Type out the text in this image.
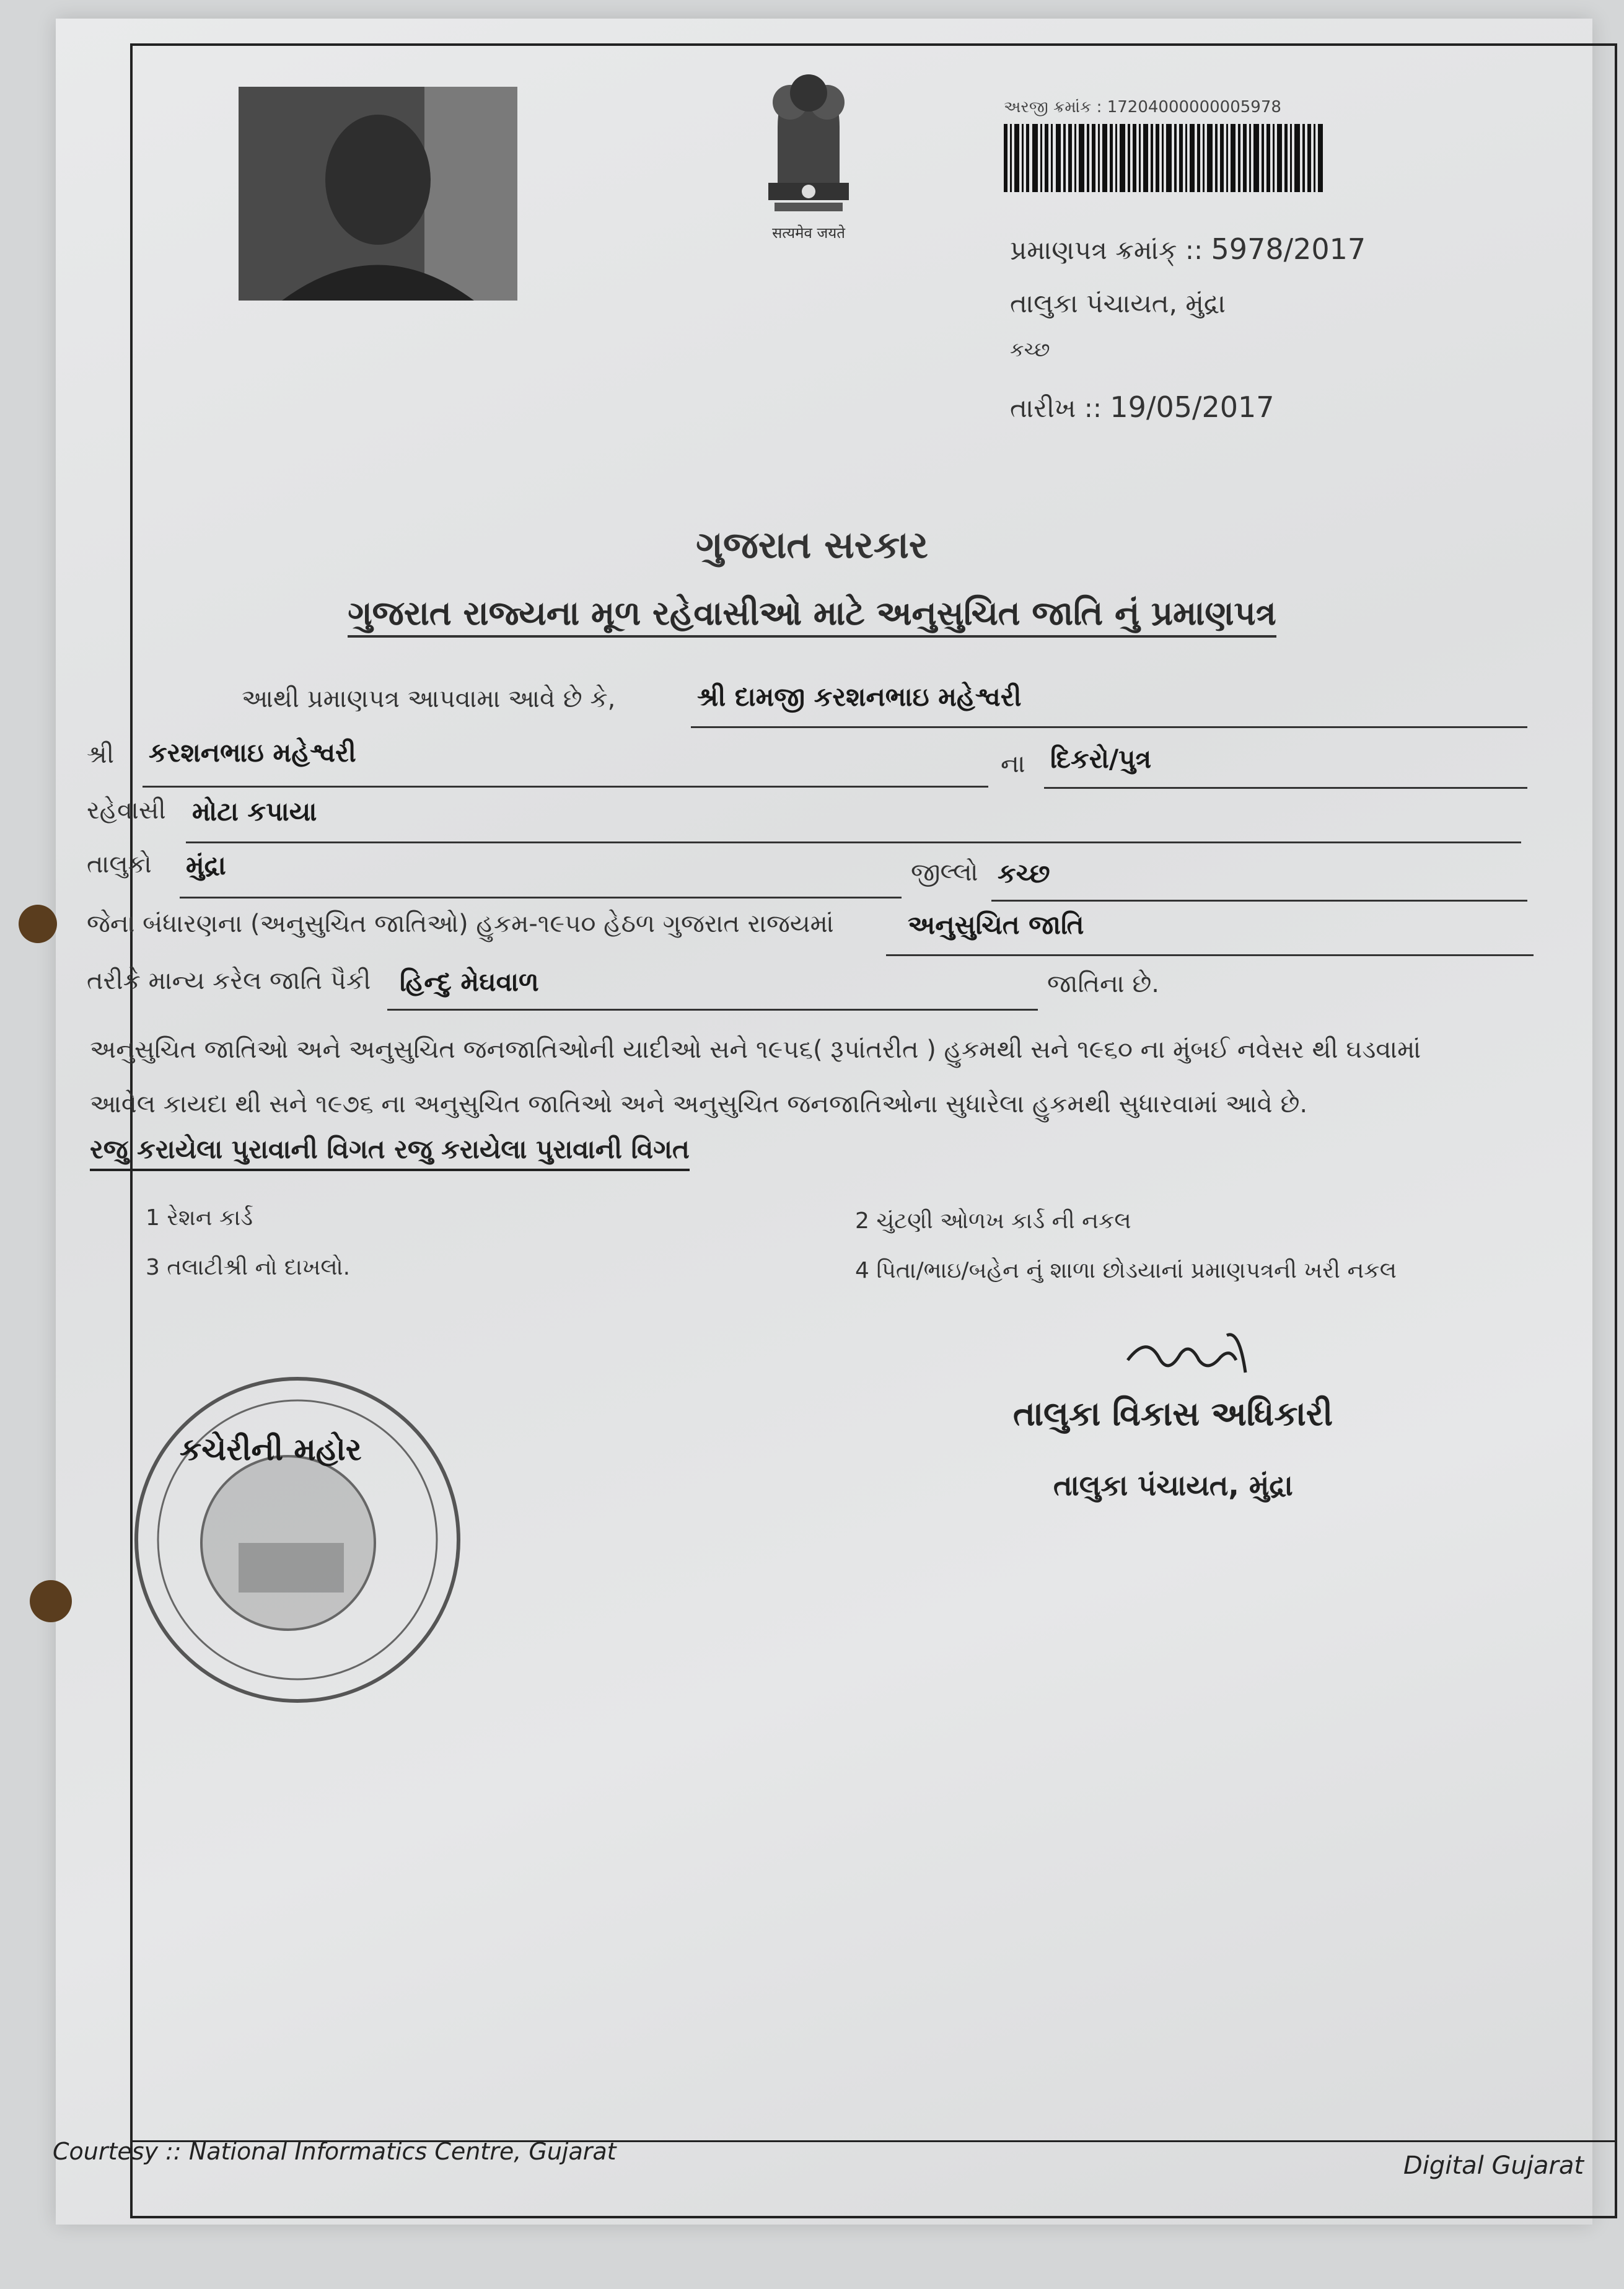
सत्यमेव जयते
અરજી ક્રમાંક : 17204000000005978
પ્રમાણપત્ર ક્રમાંક્ :: 5978/2017
તાલુકા પંચાયત, મુંદ્રા
કચ્છ
તારીખ :: 19/05/2017
ગુજરાત સરકાર
ગુજરાત રાજ્યના મૂળ રહેવાસીઓ માટે અનુસુચિત જાતિ નું પ્રમાણપત્ર
આથી પ્રમાણપત્ર આપવામા આવે છે કે,	શ્રી દામજી કરશનભાઇ મહેશ્વરી
શ્રી કરશનભાઇ મહેશ્વરી	ના દિકરો/પુત્ર
રહેવાસી મોટા કપાયા
તાલુકો મુંદ્રા	જીલ્લો કચ્છ
જેના બંધારણના (અનુસુચિત જાતિઓ) હુકમ-૧૯૫૦ હેઠળ ગુજરાત રાજયમાં	અનુસુચિત જાતિ
તરીકે માન્ય કરેલ જાતિ પૈકી હિન્દુ મેઘવાળ	જાતિના છે.
અનુસુચિત જાતિઓ અને અનુસુચિત જનજાતિઓની યાદીઓ સને ૧૯૫૬( રૂપાંતરીત ) હુકમથી સને ૧૯૬૦ ના મુંબઈ નવેસર થી ઘડવામાં
આવેલ કાયદા થી સને ૧૯૭૬ ના અનુસુચિત જાતિઓ અને અનુસુચિત જનજાતિઓના સુધારેલા હુકમથી સુધારવામાં આવે છે.
રજુ કરાયેલા પુરાવાની વિગત રજુ કરાયેલા પુરાવાની વિગત
1 રેશન કાર્ડ	2 ચુંટણી ઓળખ કાર્ડ ની નકલ
3 તલાટીશ્રી નો દાખલો.	4 પિતા/ભાઇ/બહેન નું શાળા છોડયાનાં પ્રમાણપત્રની ખરી નકલ
તાલુકા વિકાસ અધિકારી
તાલુકા પંચાયત, મુંદ્રા
કચેરીની મહોર
Courtesy :: National Informatics Centre, Gujarat	Digital Gujarat
